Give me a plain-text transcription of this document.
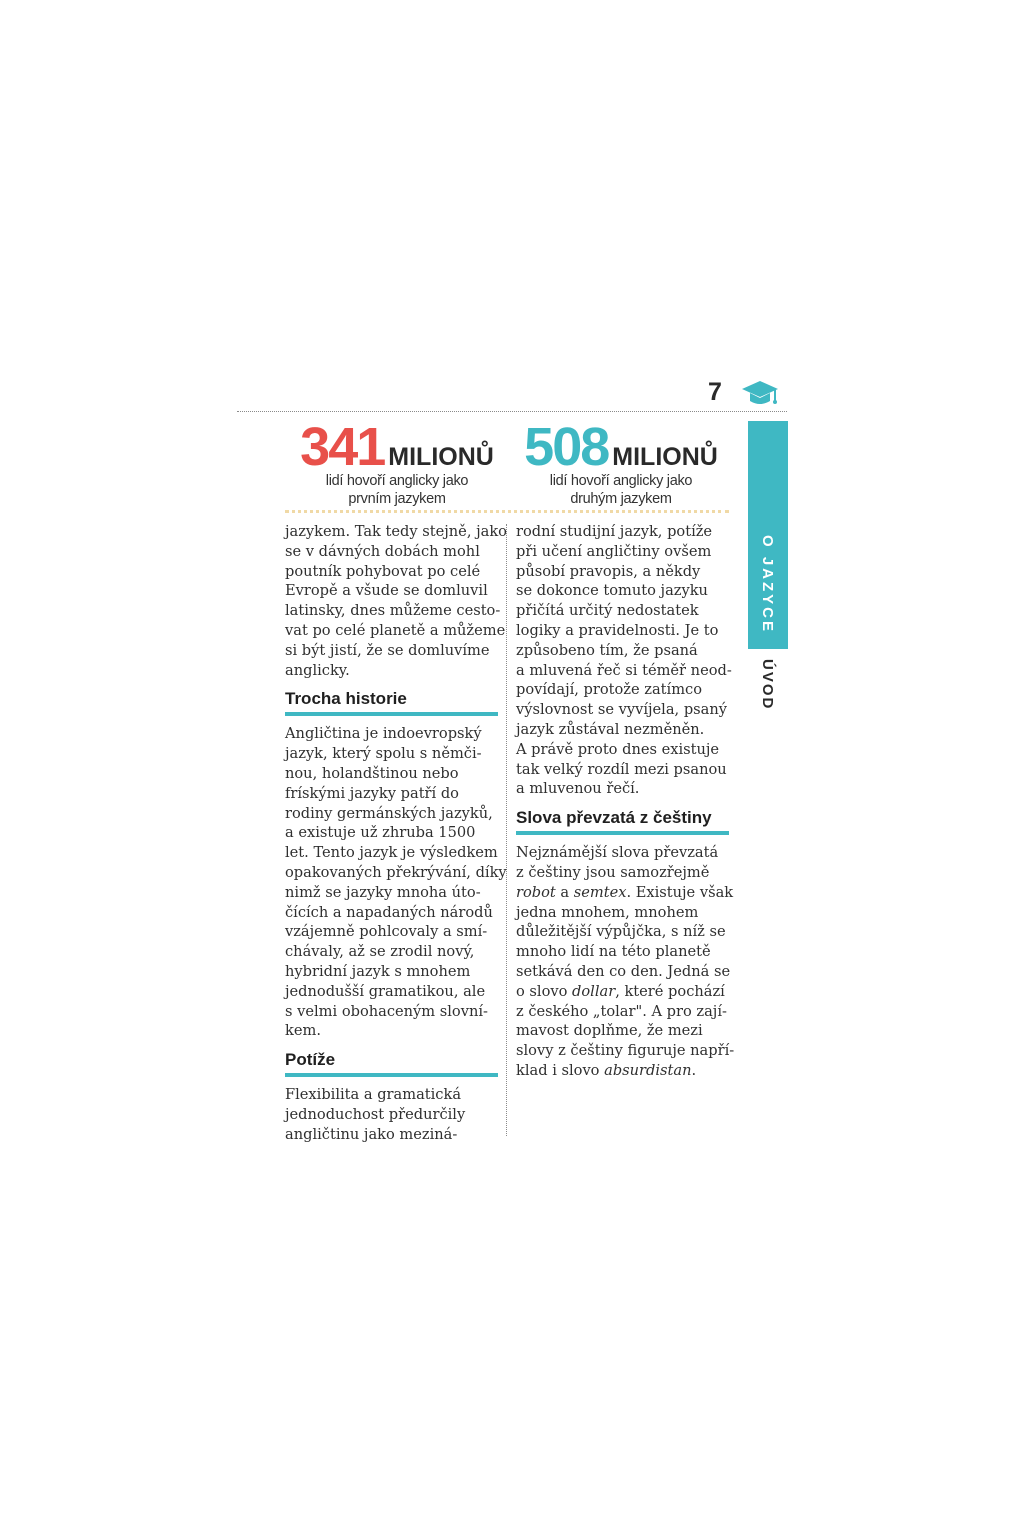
7
341 MILIONŮ
lidí hovoří anglicky jako
prvním jazykem
508 MILIONŮ
lidí hovoří anglicky jako
druhým jazykem
O JAZYCE
ÚVOD

jazykem. Tak tedy stejně, jako

se v dávných dobách mohl

poutník pohybovat po celé

Evropě a všude se domluvil

latinsky, dnes můžeme cesto-

vat po celé planetě a můžeme

si být jistí, že se domluvíme

anglicky.

Trocha historie

Angličtina je indoevropský

jazyk, který spolu s němči-

nou, holandštinou nebo

frískými jazyky patří do

rodiny germánských jazyků,

a existuje už zhruba 1500

let. Tento jazyk je výsledkem

opakovaných překrývání, díky

nimž se jazyky mnoha úto-

čících a napadaných národů

vzájemně pohlcovaly a smí-

chávaly, až se zrodil nový,

hybridní jazyk s mnohem

jednodušší gramatikou, ale

s velmi obohaceným slovní-

kem.

Potíže

Flexibilita a gramatická

jednoduchost předurčily

angličtinu jako meziná-

rodní studijní jazyk, potíže

při učení angličtiny ovšem

působí pravopis, a někdy

se dokonce tomuto jazyku

přičítá určitý nedostatek

logiky a pravidelnosti. Je to

způsobeno tím, že psaná

a mluvená řeč si téměř neod-

povídají, protože zatímco

výslovnost se vyvíjela, psaný

jazyk zůstával nezměněn.

A právě proto dnes existuje

tak velký rozdíl mezi psanou

a mluvenou řečí.

Slova převzatá z češtiny

Nejznámější slova převzatá

z češtiny jsou samozřejmě

robot a semtex. Existuje však

jedna mnohem, mnohem

důležitější výpůjčka, s níž se

mnoho lidí na této planetě

setkává den co den. Jedná se

o slovo dollar, které pochází

z českého „tolar". A pro zají-

mavost doplňme, že mezi

slovy z češtiny figuruje napří-

klad i slovo absurdistan.
